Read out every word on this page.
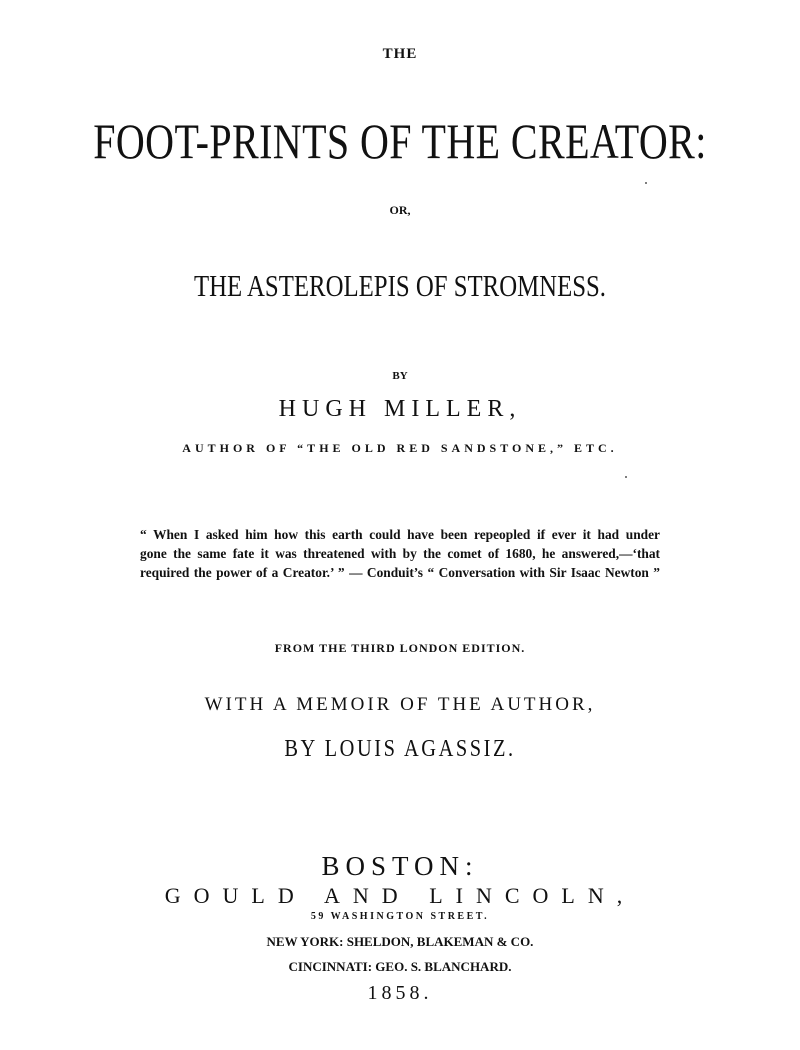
THE
FOOT-PRINTS OF THE CREATOR:
OR,
THE ASTEROLEPIS OF STROMNESS.
BY
HUGH MILLER,
AUTHOR OF “THE OLD RED SANDSTONE,” ETC.
“ When I asked him how this earth could have been repeopled if ever it had under
gone the same fate it was threatened with by the comet of 1680, he answered,—‘that
required the power of a Creator.’ ” — Conduit’s “ Conversation with Sir Isaac Newton ”
FROM THE THIRD LONDON EDITION.
WITH A MEMOIR OF THE AUTHOR,
BY LOUIS AGASSIZ.
BOSTON:
GOULD AND LINCOLN,
59 WASHINGTON STREET.
NEW YORK: SHELDON, BLAKEMAN & CO.
CINCINNATI: GEO. S. BLANCHARD.
1858.
